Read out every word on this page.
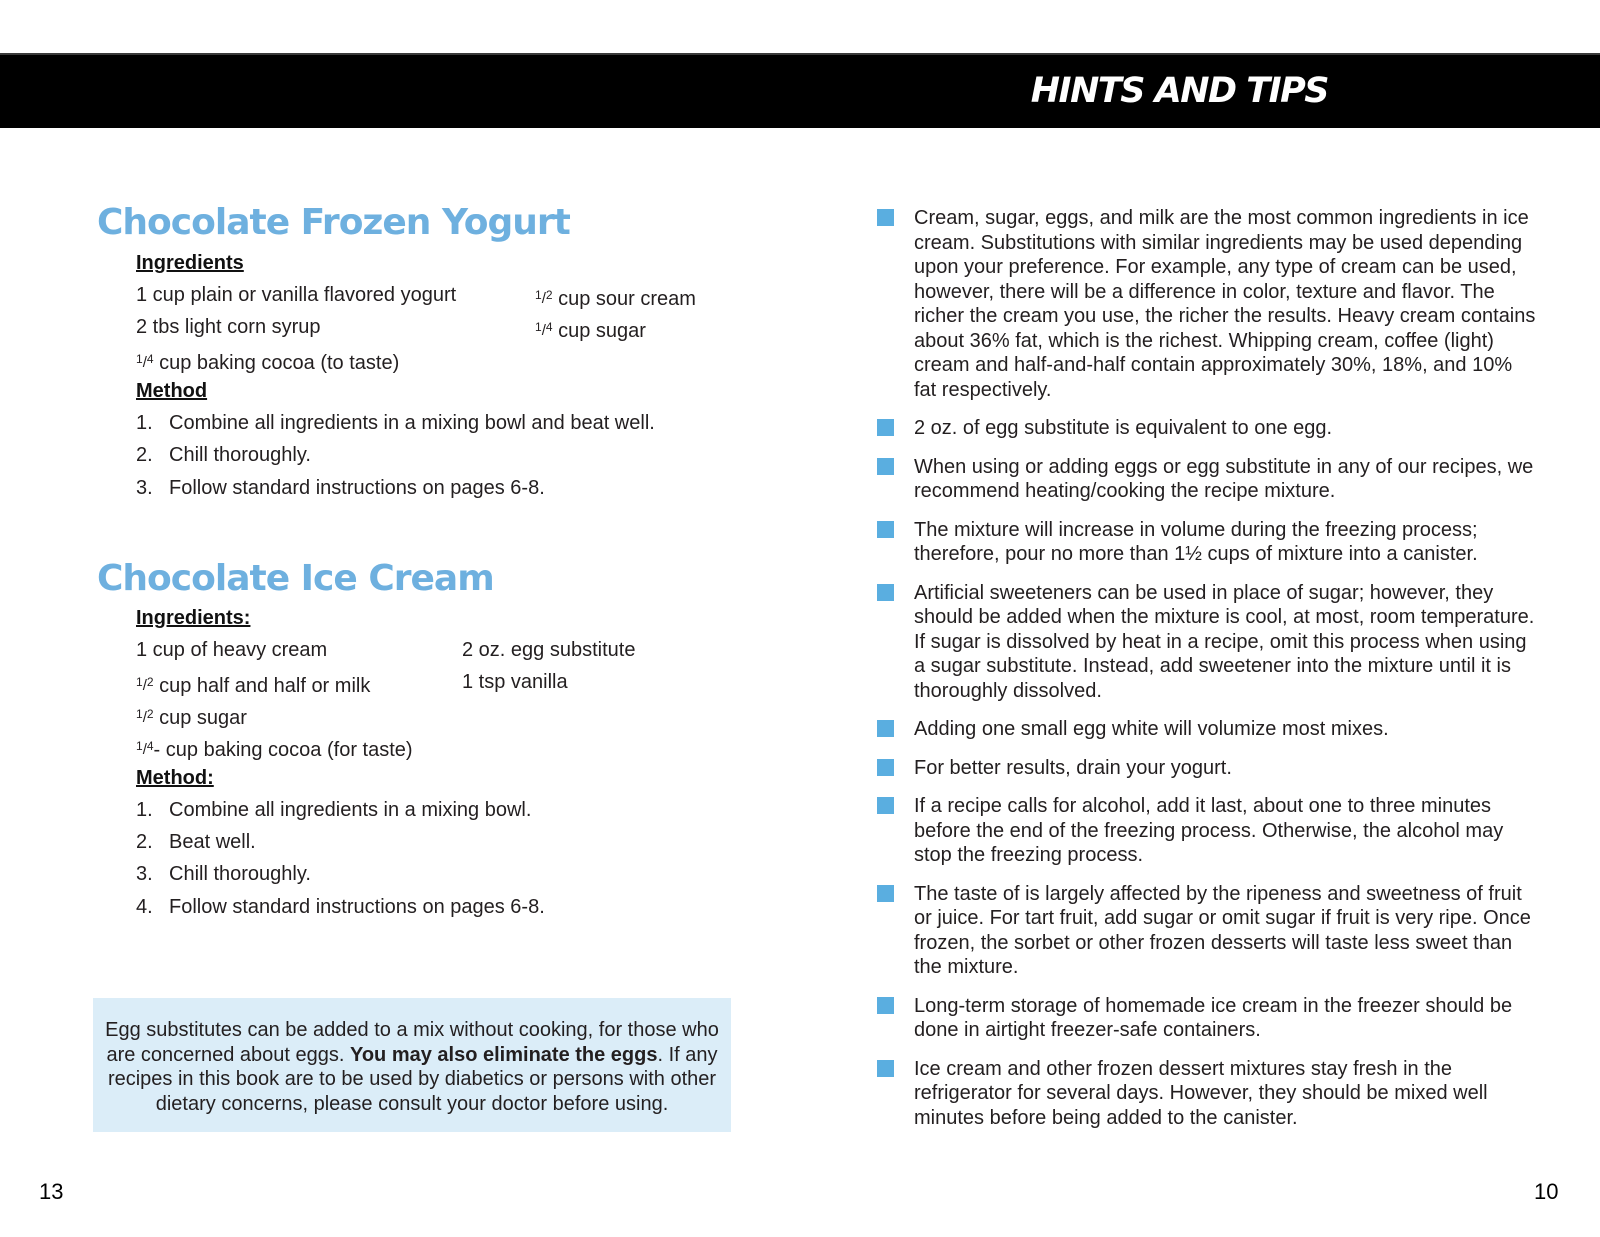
HINTS AND TIPS
Chocolate Frozen Yogurt
Ingredients
1 cup plain or vanilla flavored yogurt	$^{1/2}$ cup sour cream
2 tbs light corn syrup	$^{1/4}$ cup sugar
$^{1/4}$ cup baking cocoa (to taste)
Method
1. Combine all ingredients in a mixing bowl and beat well.
2. Chill thoroughly.
3. Follow standard instructions on pages 6-8.
Chocolate Ice Cream
Ingredients:
1 cup of heavy cream	2 oz. egg substitute
$^{1/2}$ cup half and half or milk	1 tsp vanilla
$^{1/2}$ cup sugar
$^{1/4}$- cup baking cocoa (for taste)
Method:
1. Combine all ingredients in a mixing bowl.
2. Beat well.
3. Chill thoroughly.
4. Follow standard instructions on pages 6-8.
Egg substitutes can be added to a mix without cooking, for those who are concerned about eggs. You may also eliminate the eggs. If any recipes in this book are to be used by diabetics or persons with other dietary concerns, please consult your doctor before using.
Cream, sugar, eggs, and milk are the most common ingredients in ice cream. Substitutions with similar ingredients may be used depending upon your preference. For example, any type of cream can be used, however, there will be a difference in color, texture and flavor. The richer the cream you use, the richer the results. Heavy cream contains about 36% fat, which is the richest. Whipping cream, coffee (light) cream and half-and-half contain approximately 30%, 18%, and 10% fat respectively.
2 oz. of egg substitute is equivalent to one egg.
When using or adding eggs or egg substitute in any of our recipes, we recommend heating/cooking the recipe mixture.
The mixture will increase in volume during the freezing process; therefore, pour no more than 1½ cups of mixture into a canister.
Artificial sweeteners can be used in place of sugar; however, they should be added when the mixture is cool, at most, room temperature. If sugar is dissolved by heat in a recipe, omit this process when using a sugar substitute. Instead, add sweetener into the mixture until it is thoroughly dissolved.
Adding one small egg white will volumize most mixes.
For better results, drain your yogurt.
If a recipe calls for alcohol, add it last, about one to three minutes before the end of the freezing process. Otherwise, the alcohol may stop the freezing process.
The taste of is largely affected by the ripeness and sweetness of fruit or juice. For tart fruit, add sugar or omit sugar if fruit is very ripe. Once frozen, the sorbet or other frozen desserts will taste less sweet than the mixture.
Long-term storage of homemade ice cream in the freezer should be done in airtight freezer-safe containers.
Ice cream and other frozen dessert mixtures stay fresh in the refrigerator for several days. However, they should be mixed well minutes before being added to the canister.
13	10
